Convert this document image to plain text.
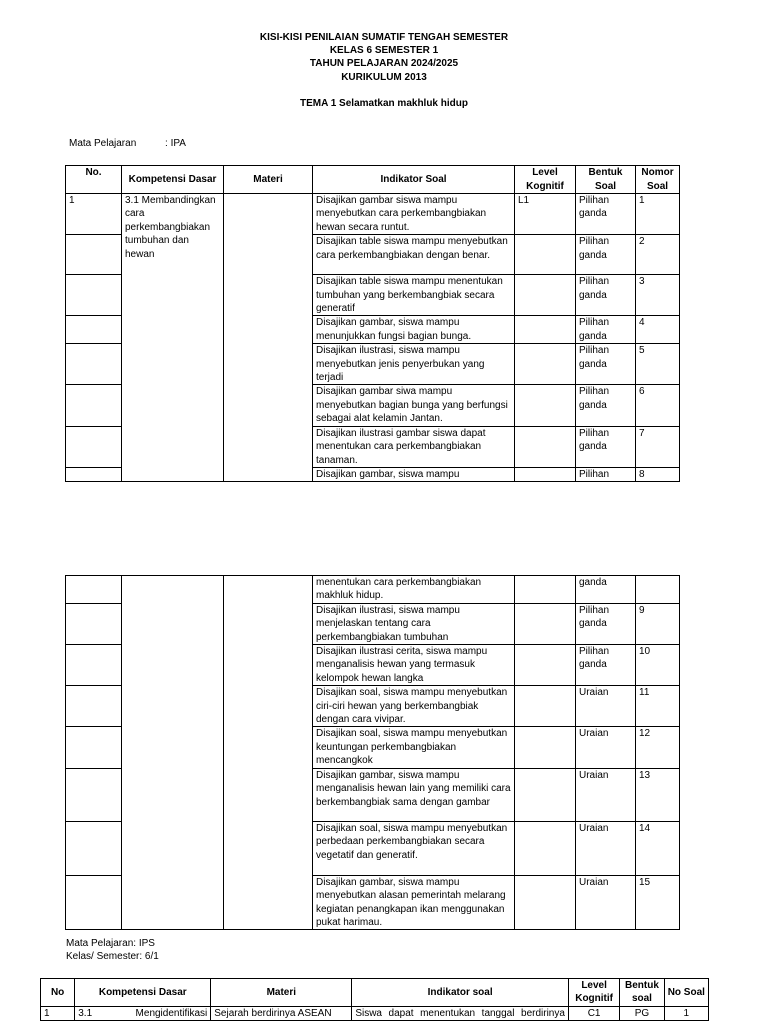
KISI-KISI PENILAIAN SUMATIF TENGAH SEMESTER
KELAS 6 SEMESTER 1
TAHUN PELAJARAN 2024/2025
KURIKULUM 2013
TEMA 1 Selamatkan makhluk hidup
Mata Pelajaran	: IPA
No.	Kompetensi Dasar	Materi	Indikator Soal	Level Kognitif	Bentuk Soal	Nomor Soal
1	3.1 Membandingkan cara perkembangbiakan tumbuhan dan hewan		Disajikan gambar siswa mampu menyebutkan cara perkembangbiakan hewan secara runtut.	L1	Pilihan ganda	1
			Disajikan table siswa mampu menyebutkan cara perkembangbiakan dengan benar.		Pilihan ganda	2
			Disajikan table siswa mampu menentukan tumbuhan yang berkembangbiak secara generatif		Pilihan ganda	3
			Disajikan gambar, siswa mampu menunjukkan fungsi bagian bunga.		Pilihan ganda	4
			Disajikan ilustrasi, siswa mampu menyebutkan jenis penyerbukan yang terjadi		Pilihan ganda	5
			Disajikan gambar siwa mampu menyebutkan bagian bunga yang berfungsi sebagai alat kelamin Jantan.		Pilihan ganda	6
			Disajikan ilustrasi gambar siswa dapat menentukan cara perkembangbiakan tanaman.		Pilihan ganda	7
			Disajikan gambar, siswa mampu		Pilihan	8
			menentukan cara perkembangbiakan makhluk hidup.		ganda	
			Disajikan ilustrasi, siswa mampu menjelaskan tentang cara perkembangbiakan tumbuhan		Pilihan ganda	9
			Disajikan ilustrasi cerita, siswa mampu menganalisis hewan yang termasuk kelompok hewan langka		Pilihan ganda	10
			Disajikan soal, siswa mampu menyebutkan ciri-ciri hewan yang berkembangbiak dengan cara vivipar.		Uraian	11
			Disajikan soal, siswa mampu menyebutkan keuntungan perkembangbiakan mencangkok		Uraian	12
			Disajikan gambar, siswa mampu menganalisis hewan lain yang memiliki cara berkembangbiak sama dengan gambar		Uraian	13
			Disajikan soal, siswa mampu menyebutkan perbedaan perkembangbiakan secara vegetatif dan generatif.		Uraian	14
			Disajikan gambar, siswa mampu menyebutkan alasan pemerintah melarang kegiatan penangkapan ikan menggunakan pukat harimau.		Uraian	15
Mata Pelajaran: IPS
Kelas/ Semester: 6/1
No	Kompetensi Dasar	Materi	Indikator soal	Level Kognitif	Bentuk soal	No Soal
1	3.1 Mengidentifikasi	Sejarah berdirinya ASEAN	Siswa dapat menentukan tanggal berdirinya	C1	PG	1
